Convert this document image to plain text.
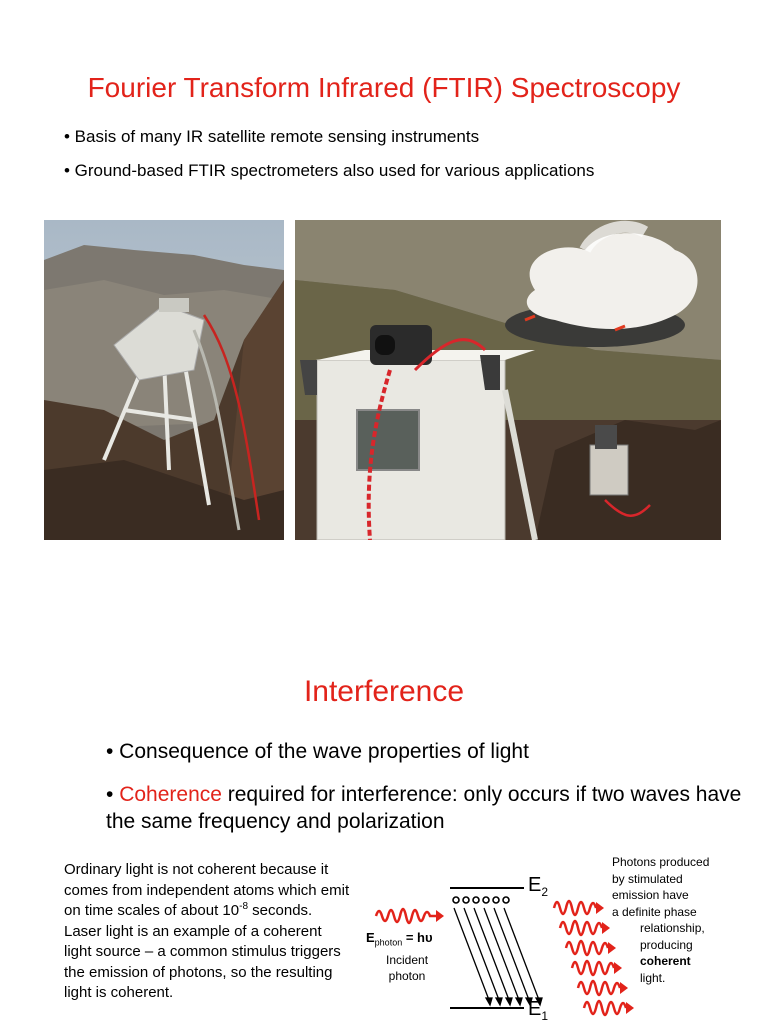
Fourier Transform Infrared (FTIR) Spectroscopy
• Basis of many IR satellite remote sensing instruments
• Ground-based FTIR spectrometers also used for various applications
Interference
• Consequence of the wave properties of light
• Coherence required for interference: only occurs if two waves have the same frequency and polarization
Ordinary light is not coherent because it comes from independent atoms which emit on time scales of about $10^{-8}$ seconds. Laser light is an example of a coherent light source – a common stimulus triggers the emission of photons, so the resulting light is coherent.
$E_2$
$E_1$
$E_{photon} = h\upsilon$
Incident
photon
Photons produced
by stimulated
emission have
a definite phase
relationship,
producing
coherent
light.
